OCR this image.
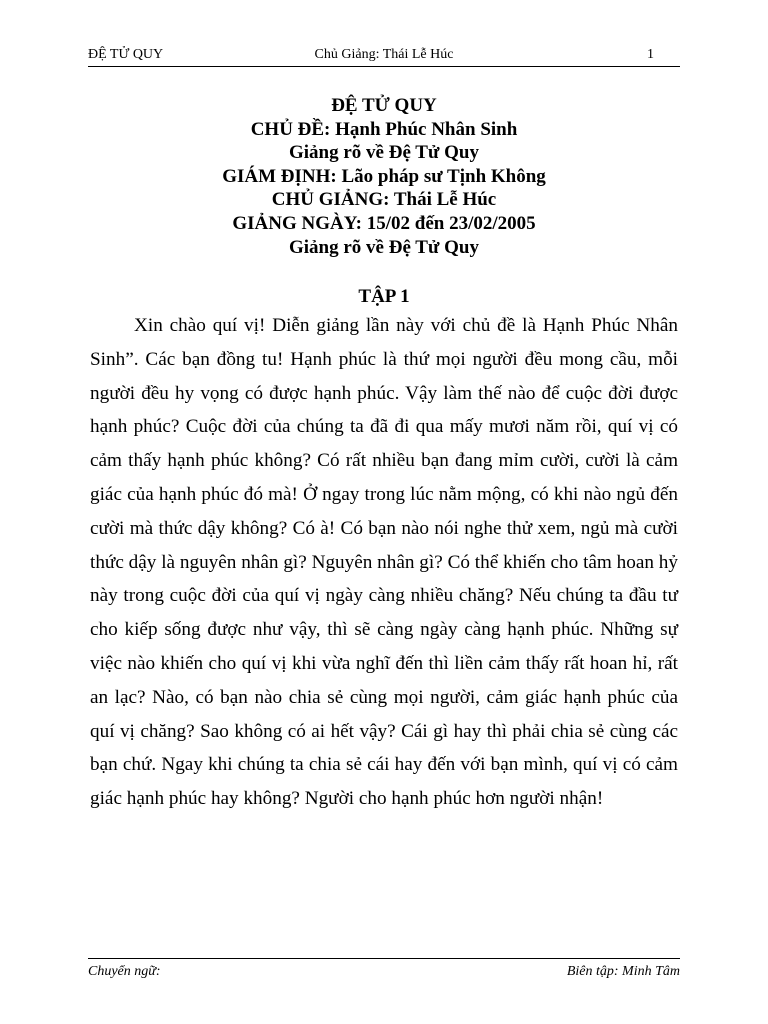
ĐỆ TỬ QUY	Chủ Giảng: Thái Lễ Húc	1
ĐỆ TỬ QUY
CHỦ ĐỀ: Hạnh Phúc Nhân Sinh
Giảng rõ về Đệ Tử Quy
GIÁM ĐỊNH: Lão pháp sư Tịnh Không
CHỦ GIẢNG: Thái Lễ Húc
GIẢNG NGÀY: 15/02 đến 23/02/2005
Giảng rõ về Đệ Tử Quy
TẬP 1

Xin chào quí vị! Diễn giảng lần này với chủ đề là Hạnh Phúc Nhân Sinh”. Các bạn đồng tu! Hạnh phúc là thứ mọi người đều mong cầu, mỗi người đều hy vọng có được hạnh phúc. Vậy làm thế nào để cuộc đời được hạnh phúc? Cuộc đời của chúng ta đã đi qua mấy mươi năm rồi, quí vị có cảm thấy hạnh phúc không? Có rất nhiều bạn đang mỉm cười, cười là cảm giác của hạnh phúc đó mà! Ở ngay trong lúc nằm mộng, có khi nào ngủ đến cười mà thức dậy không? Có à! Có bạn nào nói nghe thử xem, ngủ mà cười thức dậy là nguyên nhân gì? Nguyên nhân gì? Có thể khiến cho tâm hoan hỷ này trong cuộc đời của quí vị ngày càng nhiều chăng? Nếu chúng ta đầu tư cho kiếp sống được như vậy, thì sẽ càng ngày càng hạnh phúc. Những sự việc nào khiến cho quí vị khi vừa nghĩ đến thì liền cảm thấy rất hoan hỉ, rất an lạc? Nào, có bạn nào chia sẻ cùng mọi người, cảm giác hạnh phúc của quí vị chăng? Sao không có ai hết vậy? Cái gì hay thì phải chia sẻ cùng các bạn chứ. Ngay khi chúng ta chia sẻ cái hay đến với bạn mình, quí vị có cảm giác hạnh phúc hay không? Người cho hạnh phúc hơn người nhận!

Chuyển ngữ:	Biên tập: Minh Tâm
